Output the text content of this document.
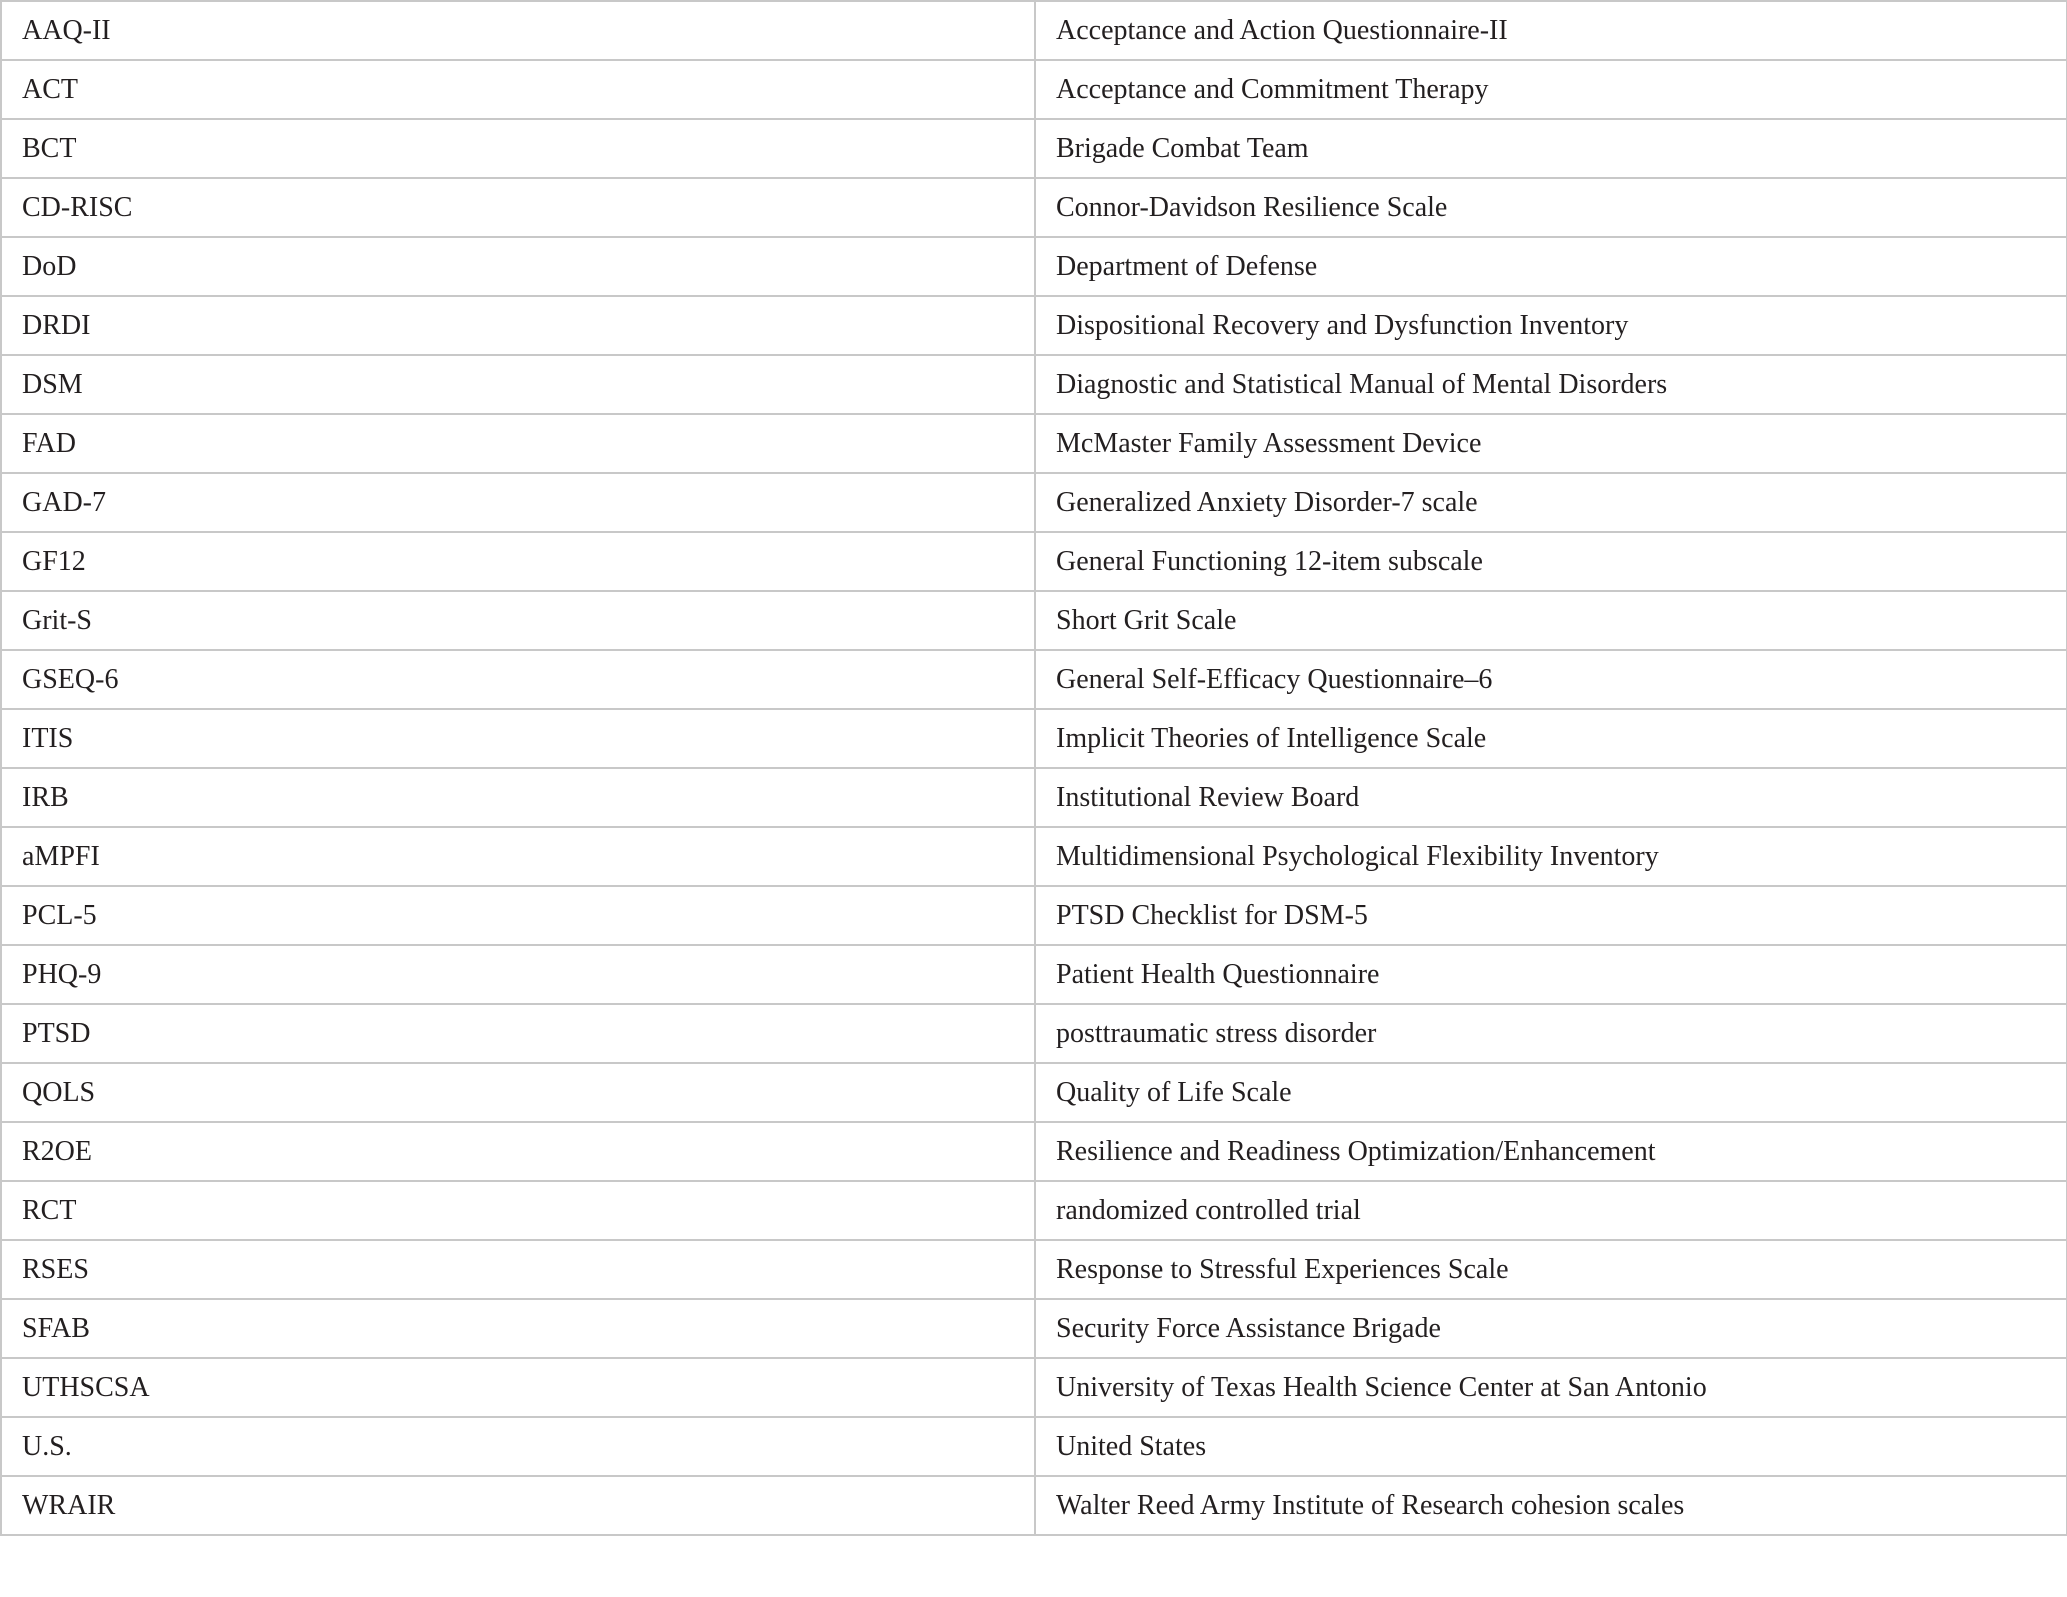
AAQ-II	Acceptance and Action Questionnaire-II
ACT	Acceptance and Commitment Therapy
BCT	Brigade Combat Team
CD-RISC	Connor-Davidson Resilience Scale
DoD	Department of Defense
DRDI	Dispositional Recovery and Dysfunction Inventory
DSM	Diagnostic and Statistical Manual of Mental Disorders
FAD	McMaster Family Assessment Device
GAD-7	Generalized Anxiety Disorder-7 scale
GF12	General Functioning 12-item subscale
Grit-S	Short Grit Scale
GSEQ-6	General Self-Efficacy Questionnaire–6
ITIS	Implicit Theories of Intelligence Scale
IRB	Institutional Review Board
aMPFI	Multidimensional Psychological Flexibility Inventory
PCL-5	PTSD Checklist for DSM-5
PHQ-9	Patient Health Questionnaire
PTSD	posttraumatic stress disorder
QOLS	Quality of Life Scale
R2OE	Resilience and Readiness Optimization/Enhancement
RCT	randomized controlled trial
RSES	Response to Stressful Experiences Scale
SFAB	Security Force Assistance Brigade
UTHSCSA	University of Texas Health Science Center at San Antonio
U.S.	United States
WRAIR	Walter Reed Army Institute of Research cohesion scales
